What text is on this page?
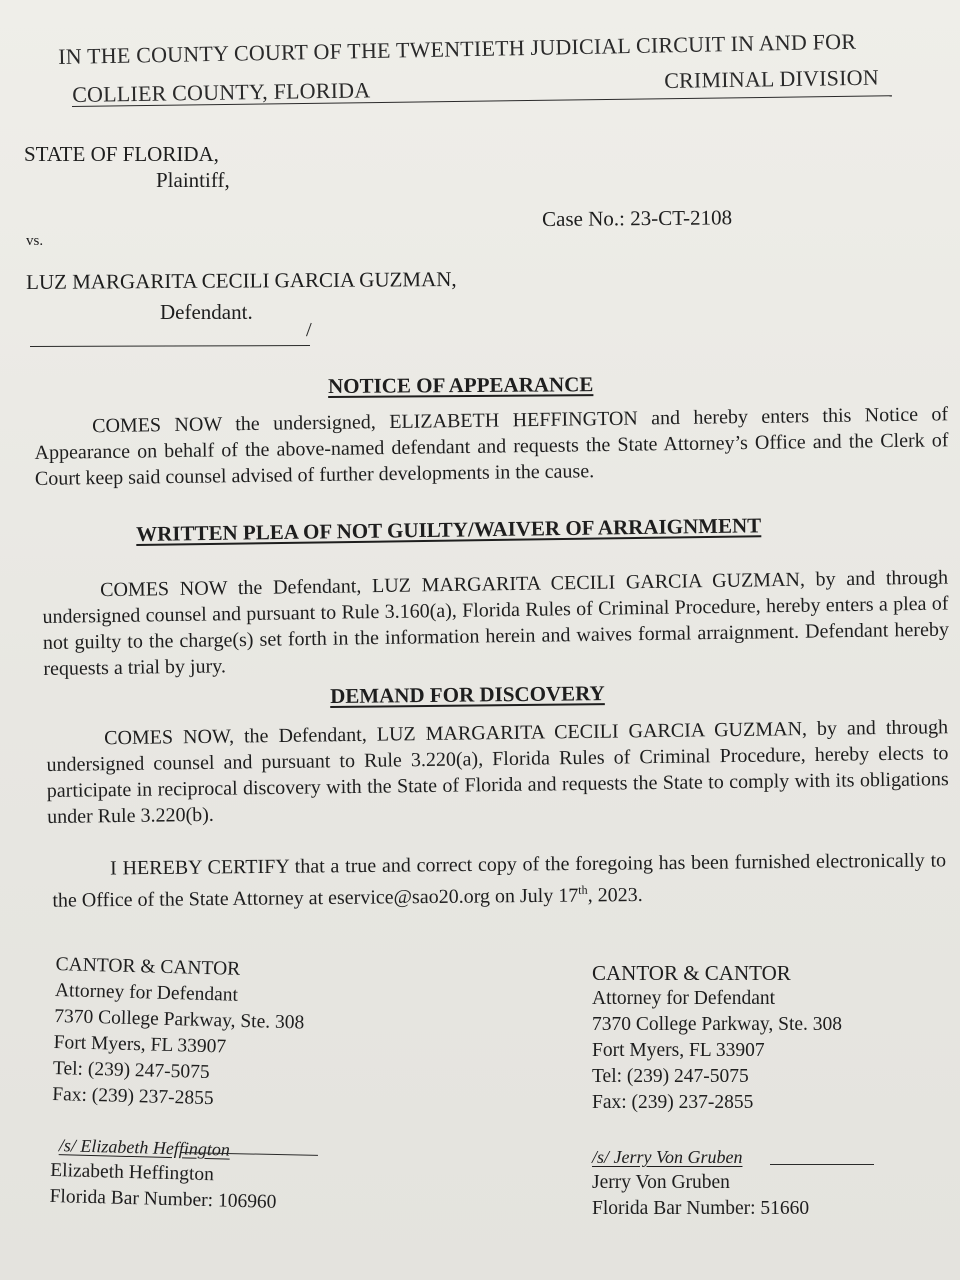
IN THE COUNTY COURT OF THE TWENTIETH JUDICIAL CIRCUIT IN AND FOR
COLLIER COUNTY, FLORIDA	CRIMINAL DIVISION
STATE OF FLORIDA,
Plaintiff,
Case No.: 23-CT-2108
vs.
LUZ MARGARITA CECILI GARCIA GUZMAN,
Defendant.
NOTICE OF APPEARANCE
COMES NOW the undersigned, ELIZABETH HEFFINGTON and hereby enters this Notice of Appearance on behalf of the above-named defendant and requests the State Attorney’s Office and the Clerk of Court keep said counsel advised of further developments in the cause.
WRITTEN PLEA OF NOT GUILTY/WAIVER OF ARRAIGNMENT
COMES NOW the Defendant, LUZ MARGARITA CECILI GARCIA GUZMAN, by and through undersigned counsel and pursuant to Rule 3.160(a), Florida Rules of Criminal Procedure, hereby enters a plea of not guilty to the charge(s) set forth in the information herein and waives formal arraignment. Defendant hereby requests a trial by jury.
DEMAND FOR DISCOVERY
COMES NOW, the Defendant, LUZ MARGARITA CECILI GARCIA GUZMAN, by and through undersigned counsel and pursuant to Rule 3.220(a), Florida Rules of Criminal Procedure, hereby elects to participate in reciprocal discovery with the State of Florida and requests the State to comply with its obligations under Rule 3.220(b).
I HEREBY CERTIFY that a true and correct copy of the foregoing has been furnished electronically to the Office of the State Attorney at eservice@sao20.org on July 17th, 2023.
CANTOR & CANTOR
Attorney for Defendant
7370 College Parkway, Ste. 308
Fort Myers, FL 33907
Tel: (239) 247-5075
Fax: (239) 237-2855
/s/ Elizabeth Heffington
Elizabeth Heffington
Florida Bar Number: 106960
CANTOR & CANTOR
Attorney for Defendant
7370 College Parkway, Ste. 308
Fort Myers, FL 33907
Tel: (239) 247-5075
Fax: (239) 237-2855
/s/ Jerry Von Gruben
Jerry Von Gruben
Florida Bar Number: 51660
